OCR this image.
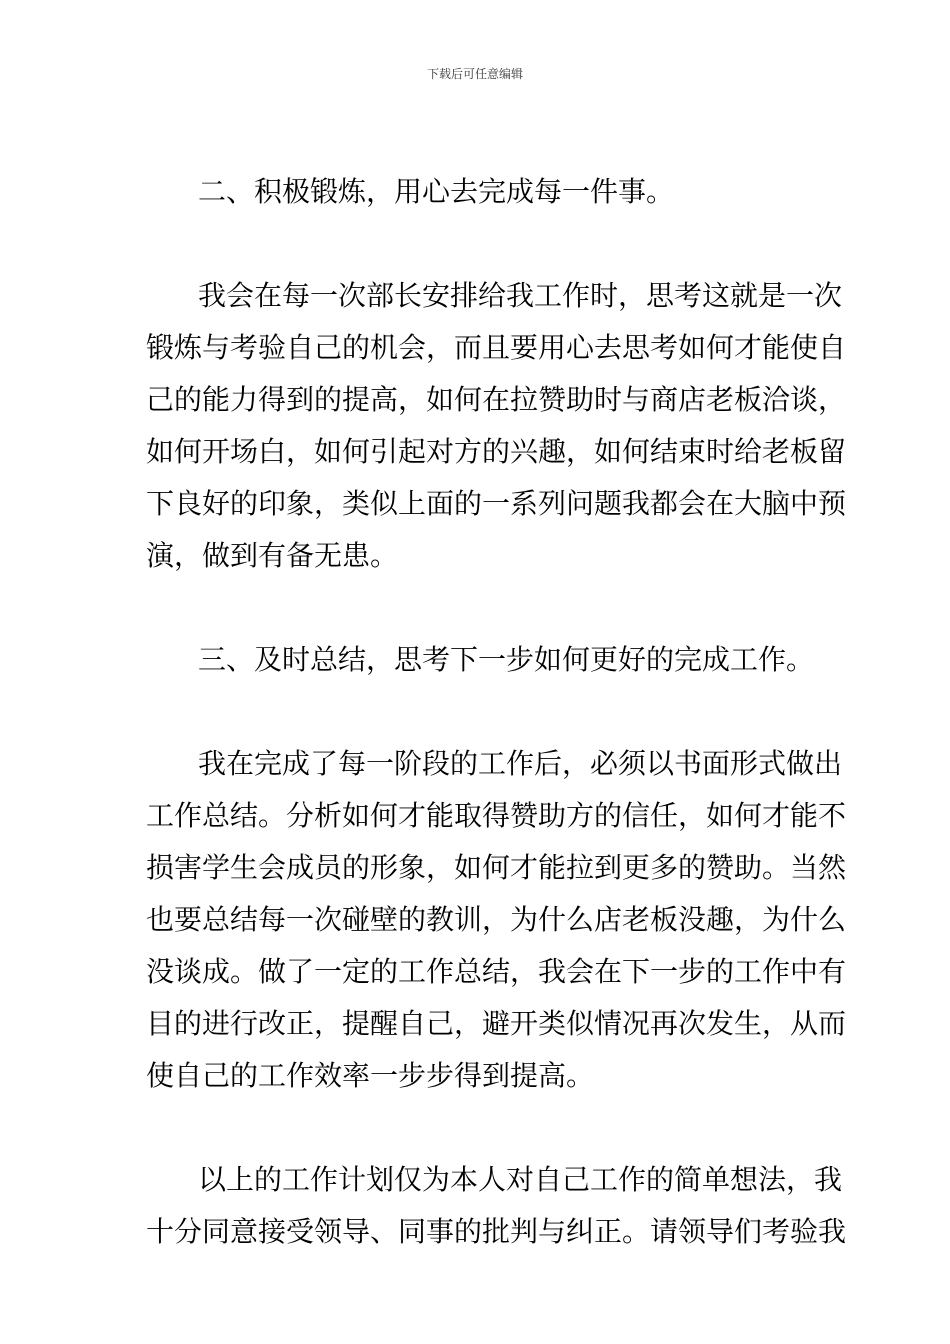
下载后可任意编辑
二、积极锻炼，用心去完成每一件事。
我会在每一次部长安排给我工作时，思考这就是一次
锻炼与考验自己的机会，而且要用心去思考如何才能使自
己的能力得到的提高，如何在拉赞助时与商店老板洽谈，
如何开场白，如何引起对方的兴趣，如何结束时给老板留
下良好的印象，类似上面的一系列问题我都会在大脑中预
演，做到有备无患。
三、及时总结，思考下一步如何更好的完成工作。
我在完成了每一阶段的工作后，必须以书面形式做出
工作总结。分析如何才能取得赞助方的信任，如何才能不
损害学生会成员的形象，如何才能拉到更多的赞助。当然
也要总结每一次碰壁的教训，为什么店老板没趣，为什么
没谈成。做了一定的工作总结，我会在下一步的工作中有
目的进行改正，提醒自己，避开类似情况再次发生，从而
使自己的工作效率一步步得到提高。
以上的工作计划仅为本人对自己工作的简单想法，我
十分同意接受领导、同事的批判与纠正。请领导们考验我
